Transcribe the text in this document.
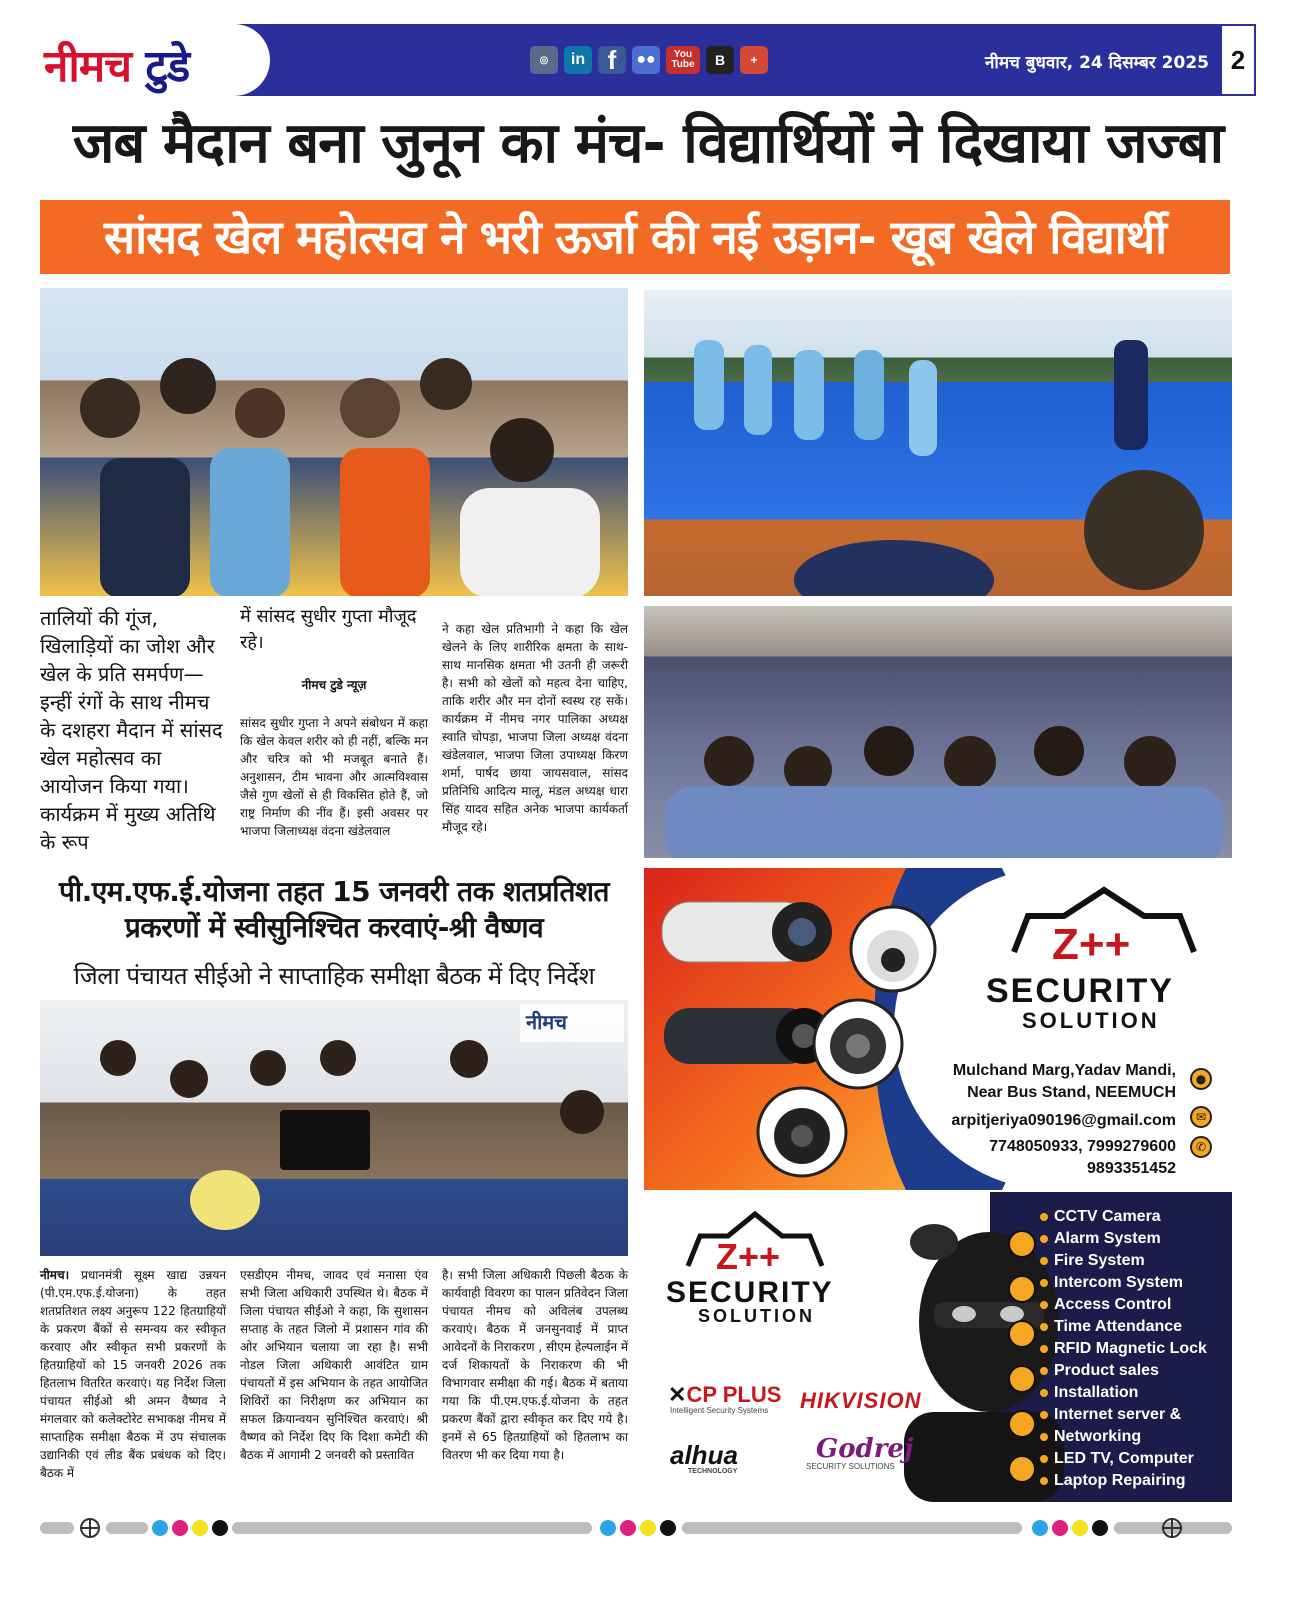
नीमच टुडे	◎	in f	●●	You Tube	B	+	नीमच बुधवार, 24 दिसम्बर 2025 2
जब मैदान बना जुनून का मंच- विद्यार्थियों ने दिखाया जज्बा
सांसद खेल महोत्सव ने भरी ऊर्जा की नई उड़ान- खूब खेले विद्यार्थी
तालियों की गूंज, खिलाड़ियों का जोश और खेल के प्रति समर्पण—इन्हीं रंगों के साथ नीमच के दशहरा मैदान में सांसद खेल महोत्सव का आयोजन किया गया। कार्यक्रम में मुख्य अतिथि के रूप
में सांसद सुधीर गुप्ता मौजूद रहे।
नीमच टुडे न्यूज़
सांसद सुधीर गुप्ता ने अपने संबोधन में कहा कि खेल केवल शरीर को ही नहीं, बल्कि मन और चरित्र को भी मजबूत बनाते हैं। अनुशासन, टीम भावना और आत्मविश्वास जैसे गुण खेलों से ही विकसित होते हैं, जो राष्ट्र निर्माण की नींव हैं। इसी अवसर पर भाजपा जिलाध्यक्ष वंदना खंडेलवाल
ने कहा खेल प्रतिभागी ने कहा कि खेल खेलने के लिए शारीरिक क्षमता के साथ-साथ मानसिक क्षमता भी उतनी ही जरूरी है। सभी को खेलों को महत्व देना चाहिए, ताकि शरीर और मन दोनों स्वस्थ रह सकें। कार्यक्रम में नीमच नगर पालिका अध्यक्ष स्वाति चोपड़ा, भाजपा जिला अध्यक्ष वंदना खंडेलवाल, भाजपा जिला उपाध्यक्ष किरण शर्मा, पार्षद छाया जायसवाल, सांसद प्रतिनिधि आदित्य मालू, मंडल अध्यक्ष धारा सिंह यादव सहित अनेक भाजपा कार्यकर्ता मौजूद रहे।
पी.एम.एफ.ई.योजना तहत 15 जनवरी तक शतप्रतिशत प्रकरणों में स्वीसुनिश्चित करवाएं-श्री वैष्णव
जिला पंचायत सीईओ ने साप्ताहिक समीक्षा बैठक में दिए निर्देश
नीमच
नीमच। प्रधानमंत्री सूक्ष्म खाद्य उन्नयन (पी.एम.एफ.ई.योजना) के तहत शतप्रतिशत लक्ष्य अनुरूप 122 हितग्राहियों के प्रकरण बैंकों से समन्वय कर स्वीकृत करवाए और स्वीकृत सभी प्रकरणों के हितग्राहियों को 15 जनवरी 2026 तक हितलाभ वितरित करवाएं। यह निर्देश जिला पंचायत सीईओ श्री अमन वैष्णव ने मंगलवार को कलेक्टोरेट सभाकक्ष नीमच में साप्ताहिक समीक्षा बैठक में उप संचालक उद्यानिकी एवं लीड बैंक प्रबंधक को दिए। बैठक में
एसडीएम नीमच, जावद एवं मनासा एंव सभी जिला अधिकारी उपस्थित थे। बैठक में जिला पंचायत सीईओ ने कहा, कि सुशासन सप्ताह के तहत जिलो में प्रशासन गांव की ओर अभियान चलाया जा रहा है। सभी नोडल जिला अधिकारी आवंटित ग्राम पंचायतों में इस अभियान के तहत आयोजित शिविरों का निरीक्षण कर अभियान का सफल क्रियान्वयन सुनिश्चित करवाएं। श्री वैष्णव को निर्देश दिए कि दिशा कमेटी की बैठक में आगामी 2 जनवरी को प्रस्तावित
है। सभी जिला अधिकारी पिछली बैठक के कार्यवाही विवरण का पालन प्रतिवेदन जिला पंचायत नीमच को अविलंब उपलब्ध करवाएं। बैठक में जनसुनवाई में प्राप्त आवेदनों के निराकरण , सीएम हेल्पलाईन में दर्ज शिकायतों के निराकरण की भी विभागवार समीक्षा की गई। बैठक में बताया गया कि पी.एम.एफ.ई.योजना के तहत प्रकरण बैंकों द्वारा स्वीकृत कर दिए गये है। इनमें से 65 हितग्राहियों को हितलाभ का वितरण भी कर दिया गया है।
Z++
SECURITY
SOLUTION
Mulchand Marg,Yadav Mandi,
Near Bus Stand, NEEMUCH
arpitjeriya090196@gmail.com
7748050933, 7999279600
9893351452
●
✉
✆
CCTV Camera
Alarm System
Fire System
Intercom System
Access Control
Time Attendance
RFID Magnetic Lock
Product sales
Installation
Internet server &
Networking
LED TV, Computer
Laptop Repairing
Z++
SECURITY
SOLUTION
✕CP PLUS
Intelligent Security Systems HIKVISION
alhua
TECHNOLOGY
Godrej
SECURITY SOLUTIONS
